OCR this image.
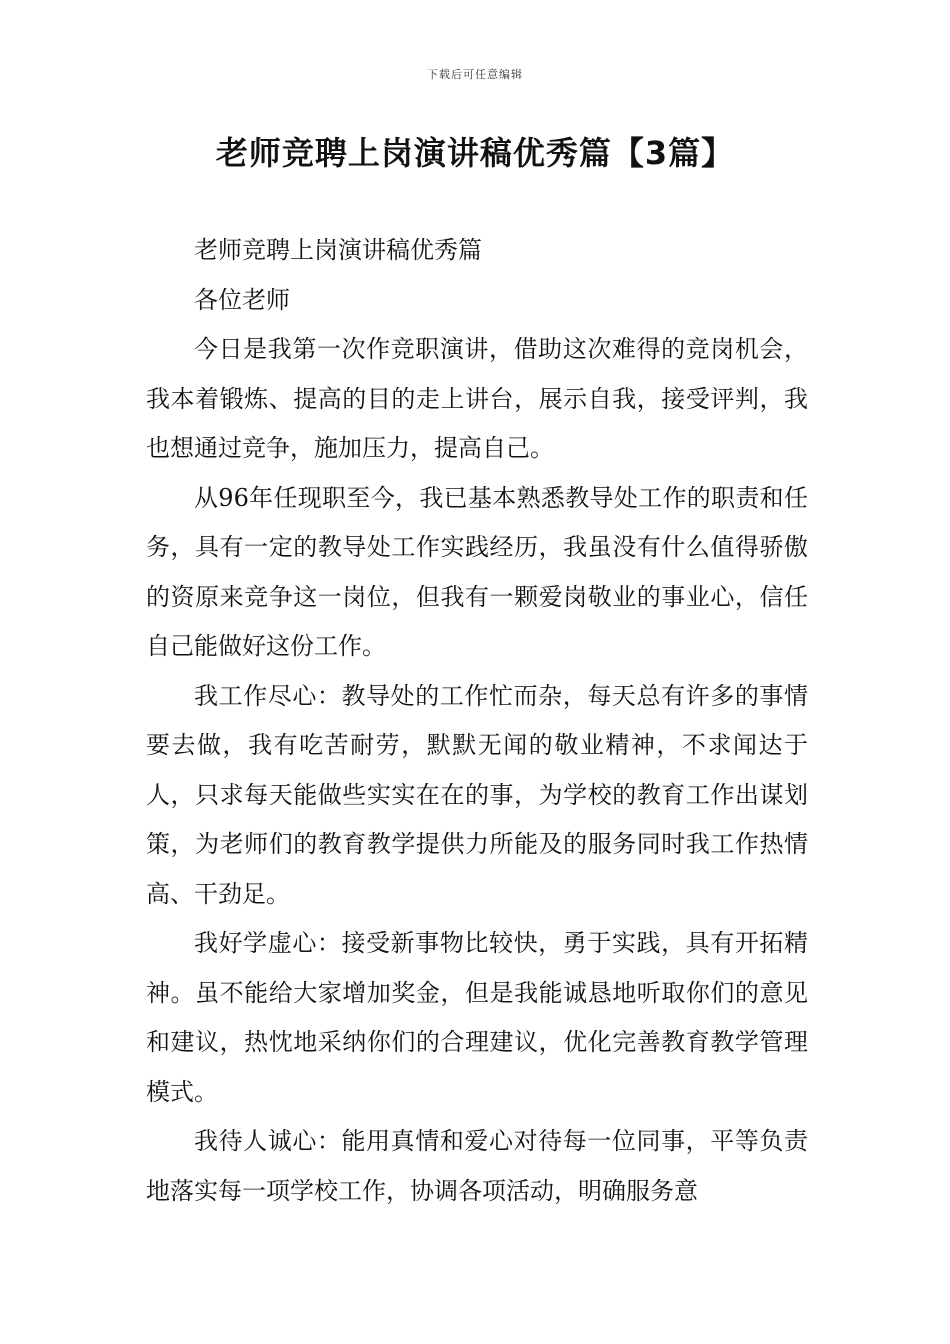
下载后可任意编辑
老师竞聘上岗演讲稿优秀篇【3篇】

老师竞聘上岗演讲稿优秀篇

各位老师

今日是我第一次作竞职演讲，借助这次难得的竞岗机会，我本着锻炼、提高的目的走上讲台，展示自我，接受评判，我也想通过竞争，施加压力，提高自己。

从96年任现职至今，我已基本熟悉教导处工作的职责和任务，具有一定的教导处工作实践经历，我虽没有什么值得骄傲的资原来竞争这一岗位，但我有一颗爱岗敬业的事业心，信任自己能做好这份工作。

我工作尽心：教导处的工作忙而杂，每天总有许多的事情要去做，我有吃苦耐劳，默默无闻的敬业精神，不求闻达于人，只求每天能做些实实在在的事，为学校的教育工作出谋划策，为老师们的教育教学提供力所能及的服务同时我工作热情高、干劲足。

我好学虚心：接受新事物比较快，勇于实践，具有开拓精神。虽不能给大家增加奖金，但是我能诚恳地听取你们的意见和建议，热忱地采纳你们的合理建议，优化完善教育教学管理模式。

我待人诚心：能用真情和爱心对待每一位同事，平等负责地落实每一项学校工作，协调各项活动，明确服务意
